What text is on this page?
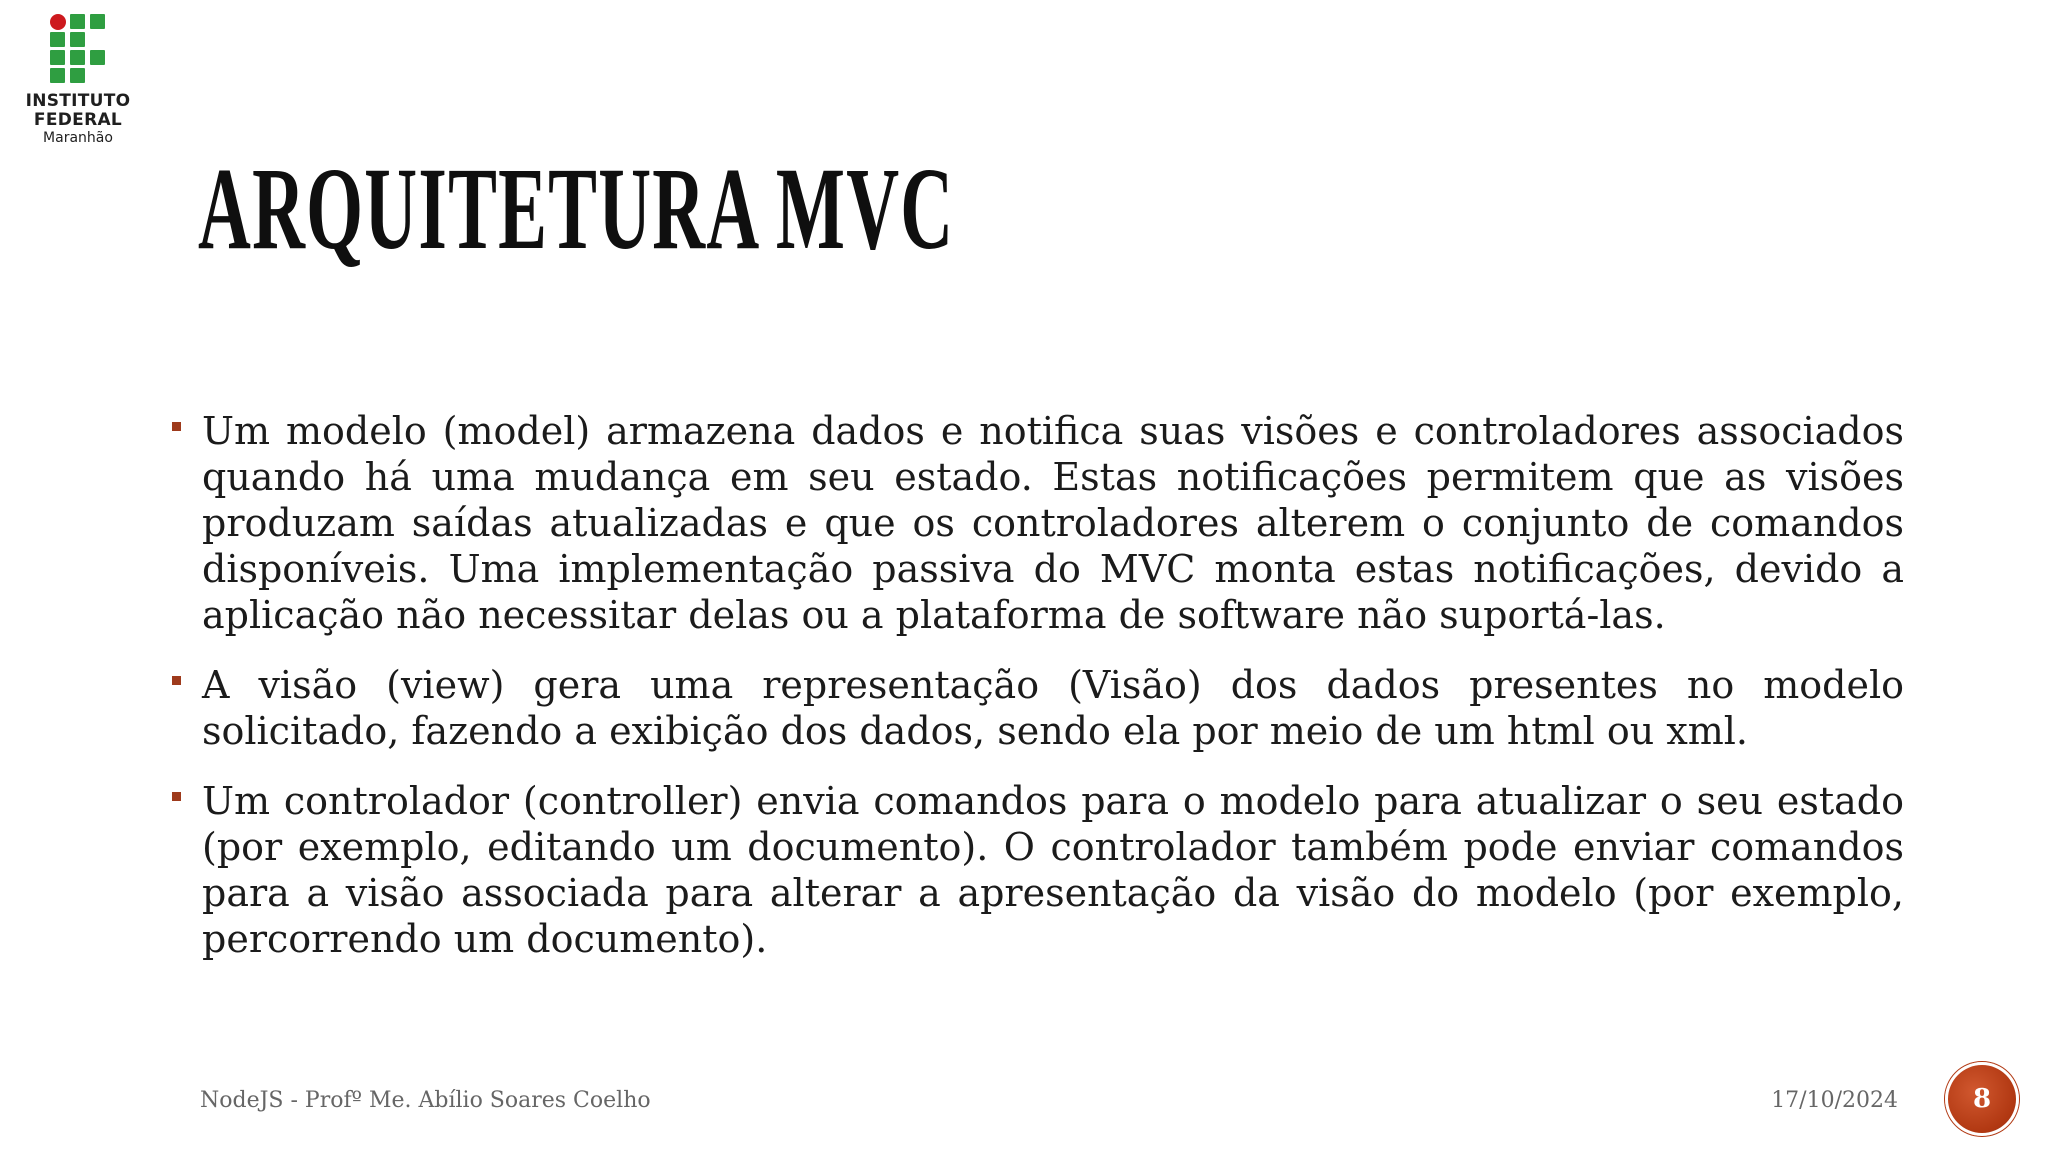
INSTITUTO
FEDERAL
Maranhão
ARQUITETURA MVC
Um modelo (model) armazena dados e notifica suas visões e controladores associados quando há uma mudança em seu estado. Estas notificações permitem que as visões produzam saídas atualizadas e que os controladores alterem o conjunto de comandos disponíveis. Uma implementação passiva do MVC monta estas notificações, devido a aplicação não necessitar delas ou a plataforma de software não suportá-las.
A visão (view) gera uma representação (Visão) dos dados presentes no modelo solicitado, fazendo a exibição dos dados, sendo ela por meio de um html ou xml.
Um controlador (controller) envia comandos para o modelo para atualizar o seu estado (por exemplo, editando um documento). O controlador também pode enviar comandos para a visão associada para alterar a apresentação da visão do modelo (por exemplo, percorrendo um documento).
NodeJS - Profº Me. Abílio Soares Coelho	17/10/2024	8
